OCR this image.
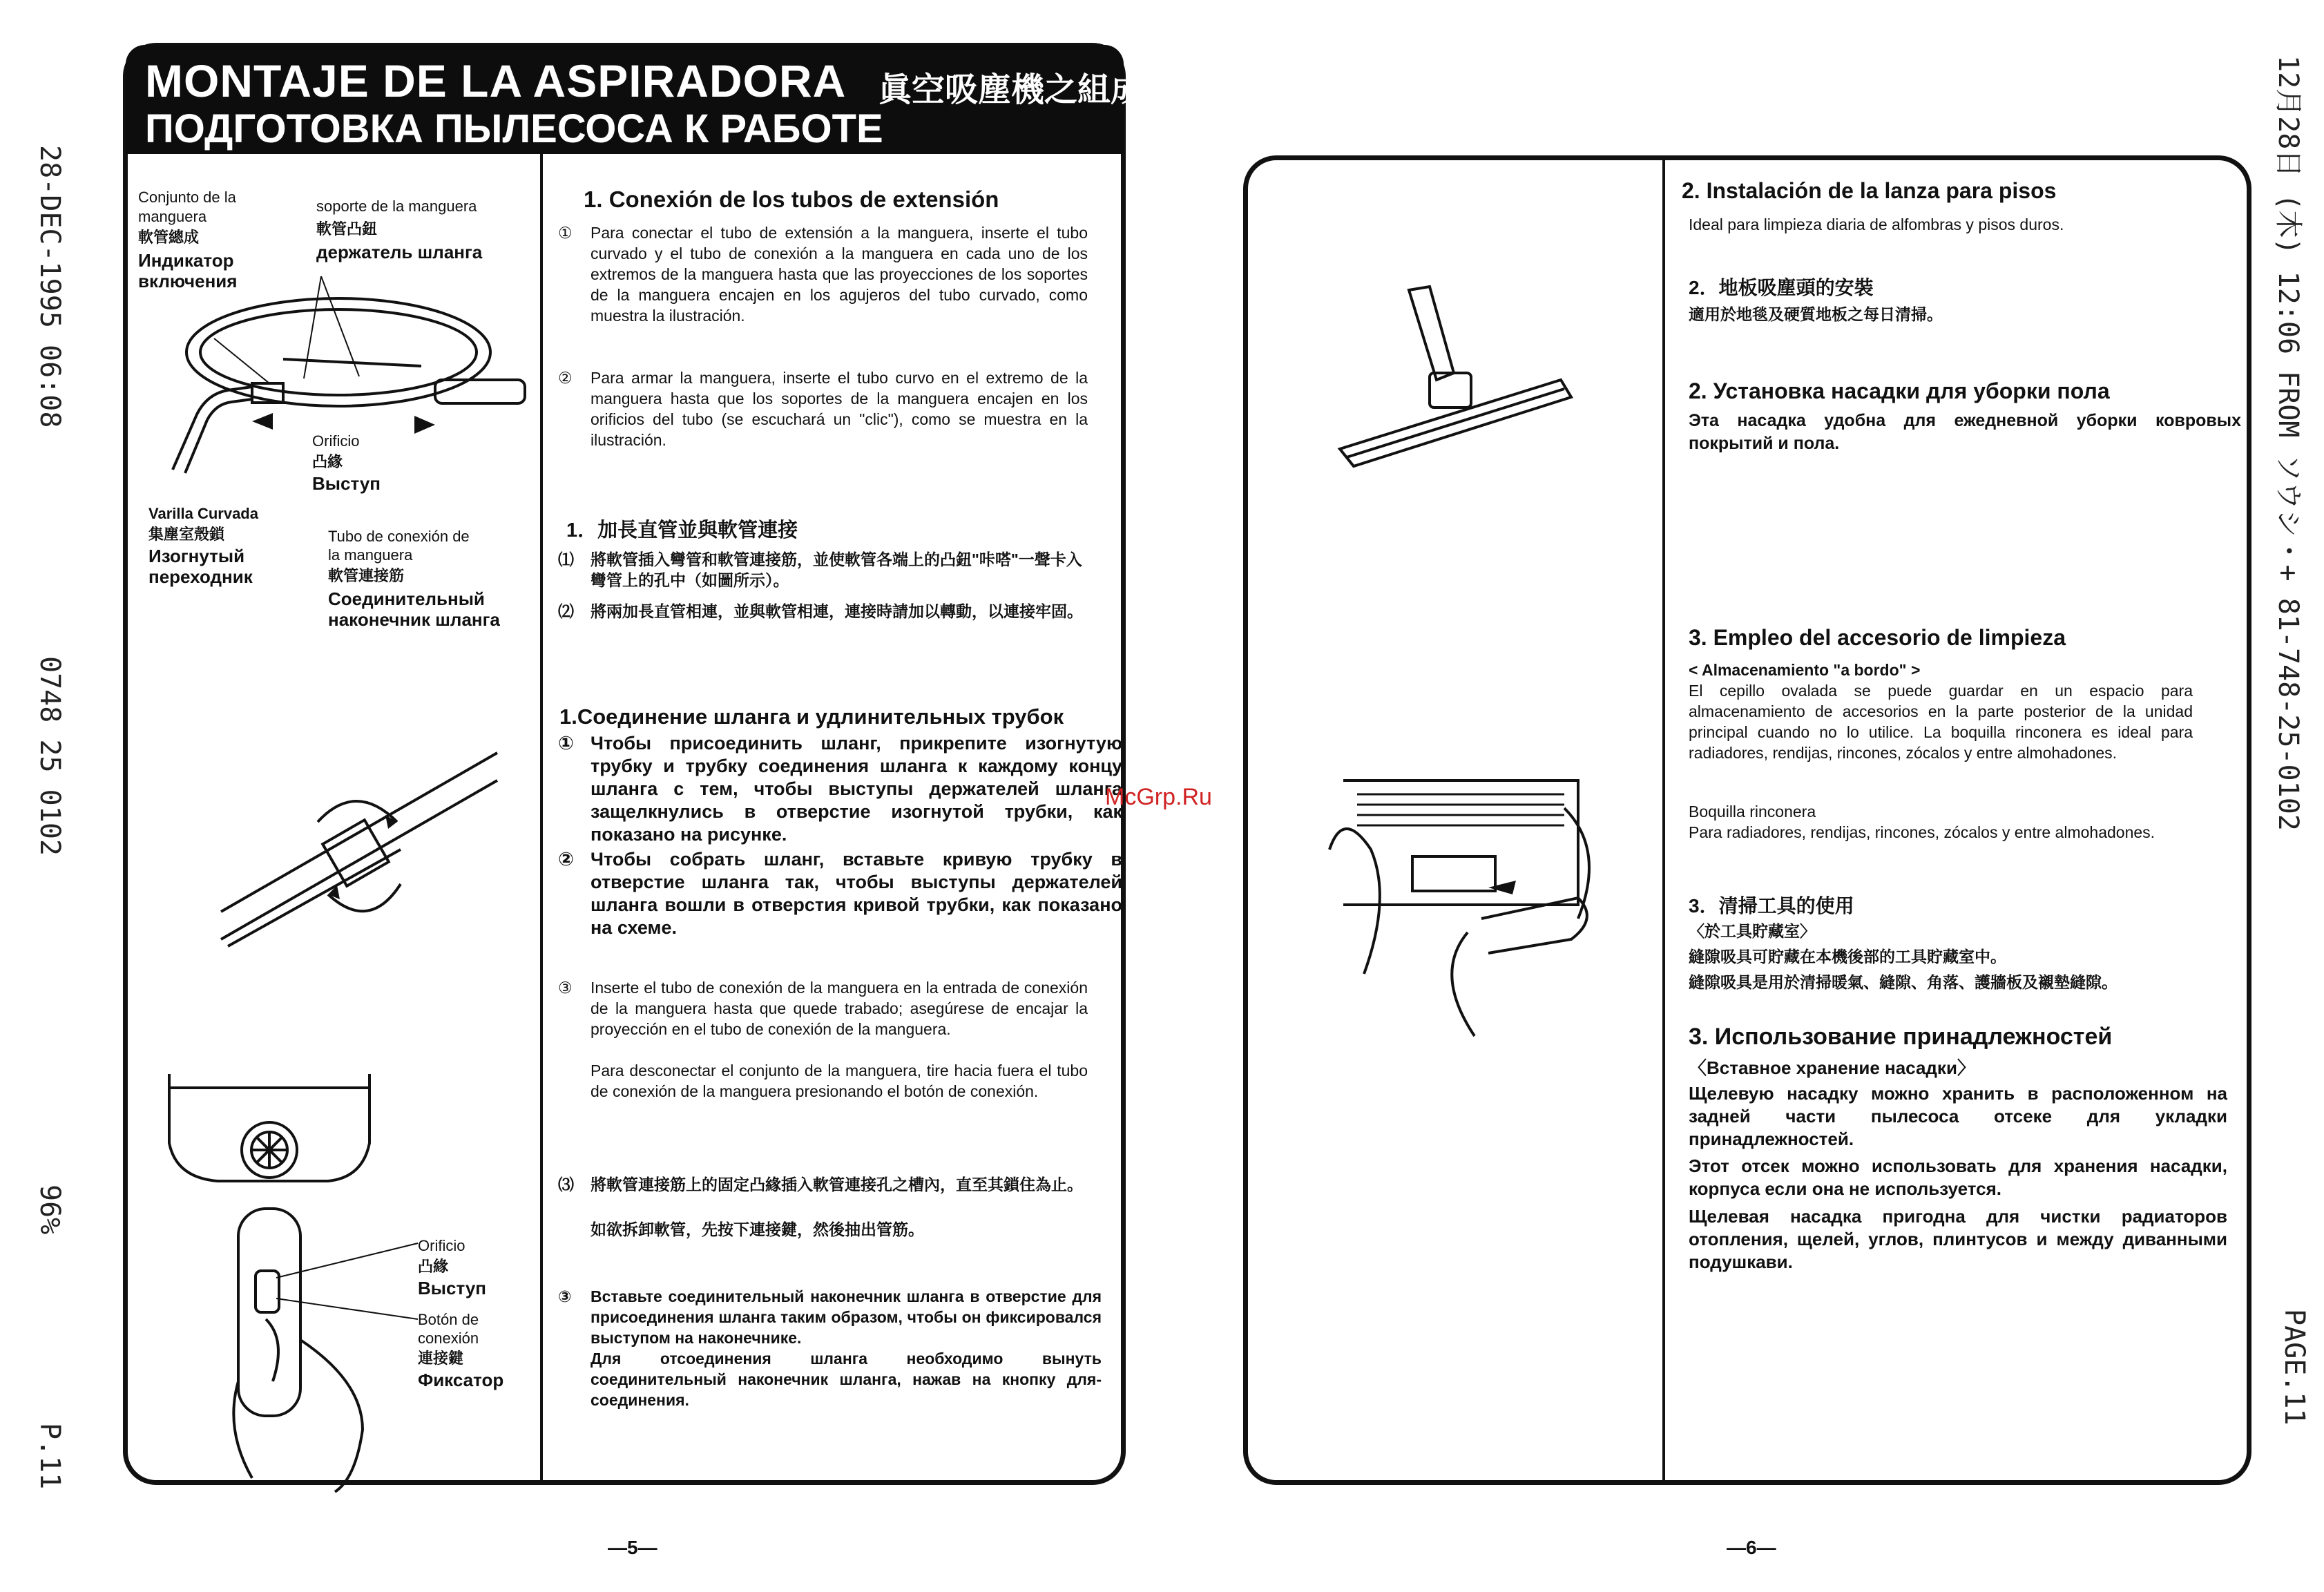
28-DEC-1995 06:08
0748 25 0102
96%
P.11
12月28日 (木) 12:06 FROM ソウシ・+ 81-748-25-0102
PAGE.11
MONTAJE DE LA ASPIRADORA 眞空吸塵機之組成
ПОДГОТОВКА ПЫЛЕСОСА К РАБОТЕ
Conjunto de la
manguera
軟管總成
Индикатор
включения
soporte de la manguera
軟管凸鈕
держатель шланга
Orificio
凸緣
Выступ
Varilla Curvada
集塵室殼鎖
Изогнутый
переходник
Tubo de conexión de
la manguera
軟管連接筋
Соединительный
наконечник шланга
Orificio
凸緣
Выступ
Botón de
conexión
連接鍵
Фиксатор
1. Conexión de los tubos de extensión
①	Para conectar el tubo de extensión a la manguera, inserte el tubo curvado y el tubo de conexión a la manguera en cada uno de los extremos de la manguera hasta que las proyecciones de los soportes de la manguera encajen en los agujeros del tubo curvado, como muestra la ilustración.
②	Para armar la manguera, inserte el tubo curvo en el extremo de la manguera hasta que los soportes de la manguera encajen en los orificios del tubo (se escuchará un "clic"), como se muestra en la ilustración.
1．加長直管並與軟管連接
⑴	將軟管插入彎管和軟管連接筋，並使軟管各端上的凸鈕"咔嗒"一聲卡入彎管上的孔中（如圖所示）。
⑵	將兩加長直管相連，並與軟管相連，連接時請加以轉動，以連接牢固。
1.Соединение шланга и удлинительных трубок
① Чтобы присоединить шланг, прикрепите изогнутую трубку и трубку соединения шланга к каждому концу шланга с тем, чтобы выступы держателей шланга защелкнулись в отверстие изогнутой трубки, как показано на рисунке.
② Чтобы собрать шланг, вставьте кривую трубку в отверстие шланга так, чтобы выступы держателей шланга вошли в отверстия кривой трубки, как показано на схеме.
③	Inserte el tubo de conexión de la manguera en la entrada de conexión de la manguera hasta que quede trabado; asegúrese de encajar la proyección en el tubo de conexión de la manguera.
Para desconectar el conjunto de la manguera, tire hacia fuera el tubo de conexión de la manguera presionando el botón de conexión.
⑶	將軟管連接筋上的固定凸緣插入軟管連接孔之槽內，直至其鎖住為止。
如欲拆卸軟管，先按下連接鍵，然後抽出管筋。
③	Вставьте соединительный наконечник шланга в отверстие для присоединения шланга таким образом, чтобы он фиксировался выступом на наконечнике.
Для отсоединения шланга необходимо вынуть соединительный наконечник шланга, нажав на кнопку для-соединения.
—5—
2. Instalación de la lanza para pisos
Ideal para limpieza diaria de alfombras y pisos duros.
2．地板吸塵頭的安裝
適用於地毯及硬質地板之每日清掃。
2. Установка насадки для уборки пола
Эта насадка удобна для ежедневной уборки ковровых покрытий и пола.
3. Empleo del accesorio de limpieza
< Almacenamiento "a bordo" >
El cepillo ovalada se puede guardar en un espacio para almacenamiento de accesorios en la parte posterior de la unidad principal cuando no lo utilice. La boquilla rinconera es ideal para radiadores, rendijas, rincones, zócalos y entre almohadones.
Boquilla rinconera
Para radiadores, rendijas, rincones, zócalos y entre almohadones.
3．清掃工具的使用
〈於工具貯藏室〉
縫隙吸具可貯藏在本機後部的工具貯藏室中。
縫隙吸具是用於清掃暖氣、縫隙、角落、護牆板及襯墊縫隙。
3. Использование принадлежностей
〈Вставное хранение насадки〉
Щелевую насадку можно хранить в расположенном на задней части пылесоса отсеке для укладки принадлежностей.
Этот отсек можно использовать для хранения насадки, корпуса если она не используется.
Щелевая насадка пригодна для чистки радиаторов отопления, щелей, углов, плинтусов и между диванными подушкави.
—6—
McGrp.Ru
